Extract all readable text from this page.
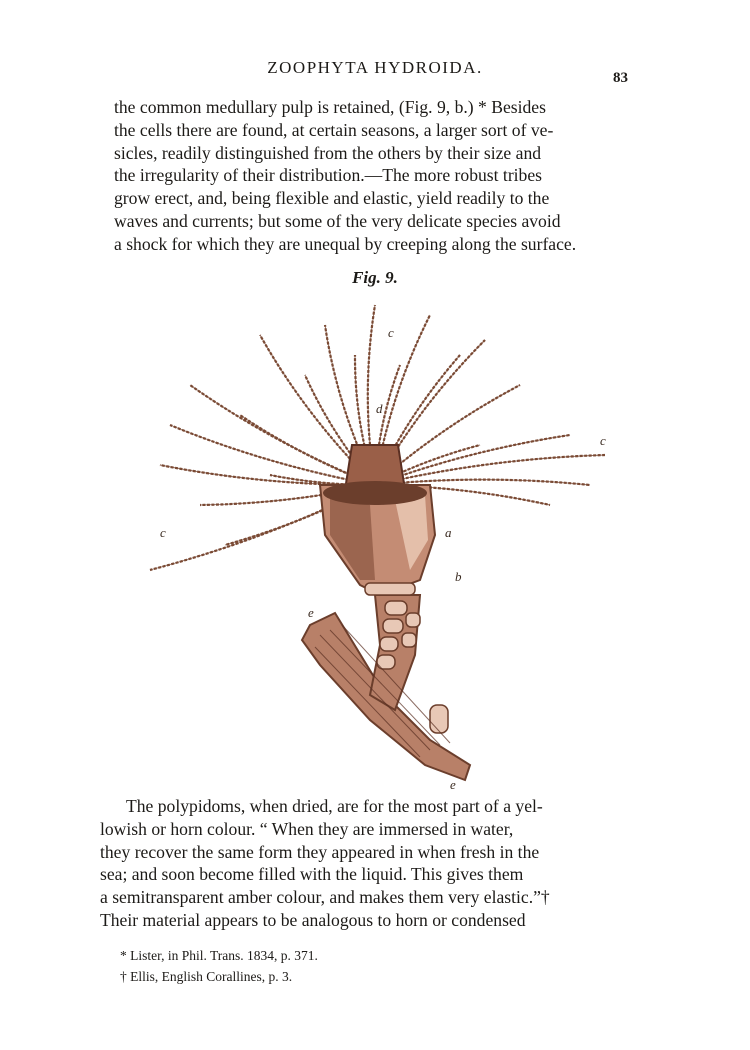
ZOOPHYTA HYDROIDA.
83

the common medullary pulp is retained, (Fig. 9, b.) * Besides
the cells there are found, at certain seasons, a larger sort of ve-
sicles, readily distinguished from the others by their size and
the irregularity of their distribution.—The more robust tribes
grow erect, and, being flexible and elastic, yield readily to the
waves and currents; but some of the very delicate species avoid
a shock for which they are unequal by creeping along the surface.

Fig. 9.
c
d
c
c	a
b
e
e

The polypidoms, when dried, are for the most part of a yel-
lowish or horn colour. “ When they are immersed in water,
they recover the same form they appeared in when fresh in the
sea; and soon become filled with the liquid. This gives them
a semitransparent amber colour, and makes them very elastic.”†
Their material appears to be analogous to horn or condensed

* Lister, in Phil. Trans. 1834, p. 371.
† Ellis, English Corallines, p. 3.
